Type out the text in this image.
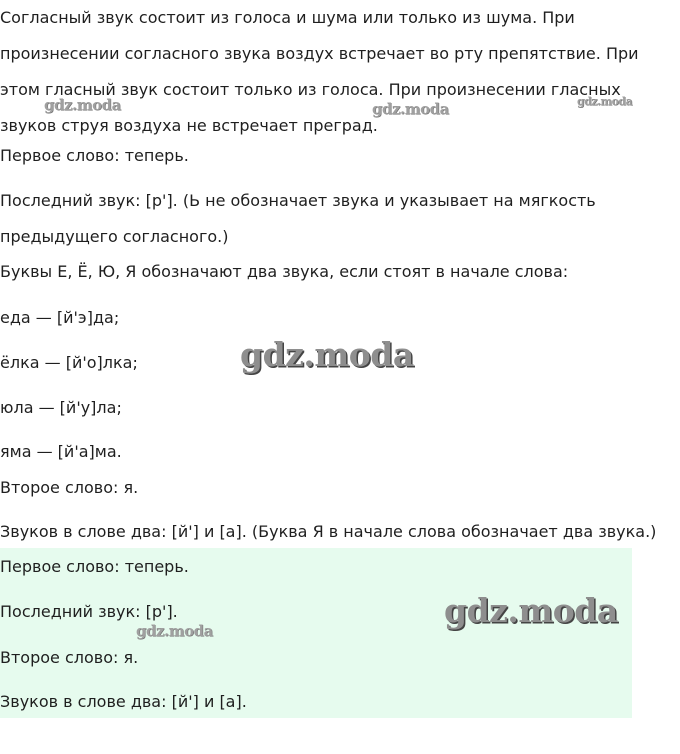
Согласный звук состоит из голоса и шума или только из шума. При
произнесении согласного звука воздух встречает во рту препятствие. При
этом гласный звук состоит только из голоса. При произнесении гласных
звуков струя воздуха не встречает преград.
Первое слово: теперь.
Последний звук: [р']. (Ь не обозначает звука и указывает на мягкость
предыдущего согласного.)
Буквы Е, Ё, Ю, Я обозначают два звука, если стоят в начале слова:
еда — [й'э]да;
ёлка — [й'о]лка;
юла — [й'у]ла;
яма — [й'а]ма.
Второе слово: я.
Звуков в слове два: [й'] и [а]. (Буква Я в начале слова обозначает два звука.)
Первое слово: теперь.
Последний звук: [р'].
Второе слово: я.
Звуков в слове два: [й'] и [а].
gdz.moda	gdz.moda	gdz.moda
gdz.moda
gdz.moda
gdz.moda
